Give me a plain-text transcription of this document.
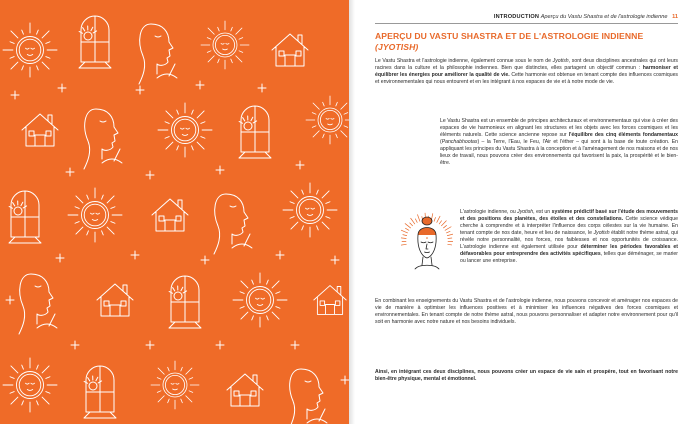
INTRODUCTION Aperçu du Vastu Shastra et de l'astrologie indienne 11
APERÇU DU VASTU SHASTRA ET DE L'ASTROLOGIE INDIENNE
(JYOTISH)

Le Vastu Shastra et l'astrologie indienne, également connue sous le nom de Jyotish, sont deux disciplines ancestrales qui ont leurs racines dans la culture et la philosophie indiennes. Bien que distinctes, elles partagent un objectif commun : harmoniser et équilibrer les énergies pour améliorer la qualité de vie. Cette harmonie est obtenue en tenant compte des influences cosmiques et environnementales qui nous entourent et en les intégrant à nos espaces de vie et à notre mode de vie.

Le Vastu Shastra est un ensemble de principes architecturaux et environnementaux qui vise à créer des espaces de vie harmonieux en alignant les structures et les objets avec les forces cosmiques et les éléments naturels. Cette science ancienne repose sur l'équilibre des cinq éléments fondamentaux (Panchabhootas) – la Terre, l'Eau, le Feu, l'Air et l'éther – qui sont à la base de toute création. En appliquant les principes du Vastu Shastra à la conception et à l'aménagement de nos maisons et de nos lieux de travail, nous pouvons créer des environnements qui favorisent la paix, la prospérité et le bien-être.

L'astrologie indienne, ou Jyotish, est un système prédictif basé sur l'étude des mouvements et des positions des planètes, des étoiles et des constellations. Cette science védique cherche à comprendre et à interpréter l'influence des corps célestes sur la vie humaine. En tenant compte de nos date, heure et lieu de naissance, le Jyotish établit notre thème astral, qui révèle notre personnalité, nos forces, nos faiblesses et nos opportunités de croissance. L'astrologie indienne est également utilisée pour déterminer les périodes favorables et défavorables pour entreprendre des activités spécifiques, telles que déménager, se marier ou lancer une entreprise.

En combinant les enseignements du Vastu Shastra et de l'astrologie indienne, nous pouvons concevoir et aménager nos espaces de vie de manière à optimiser les influences positives et à minimiser les influences négatives des forces cosmiques et environnementales. En tenant compte de notre thème astral, nous pouvons personnaliser et adapter notre environnement pour qu'il soit en harmonie avec notre nature et nos besoins individuels.

Ainsi, en intégrant ces deux disciplines, nous pouvons créer un espace de vie sain et prospère, tout en favorisant notre bien-être physique, mental et émotionnel.
